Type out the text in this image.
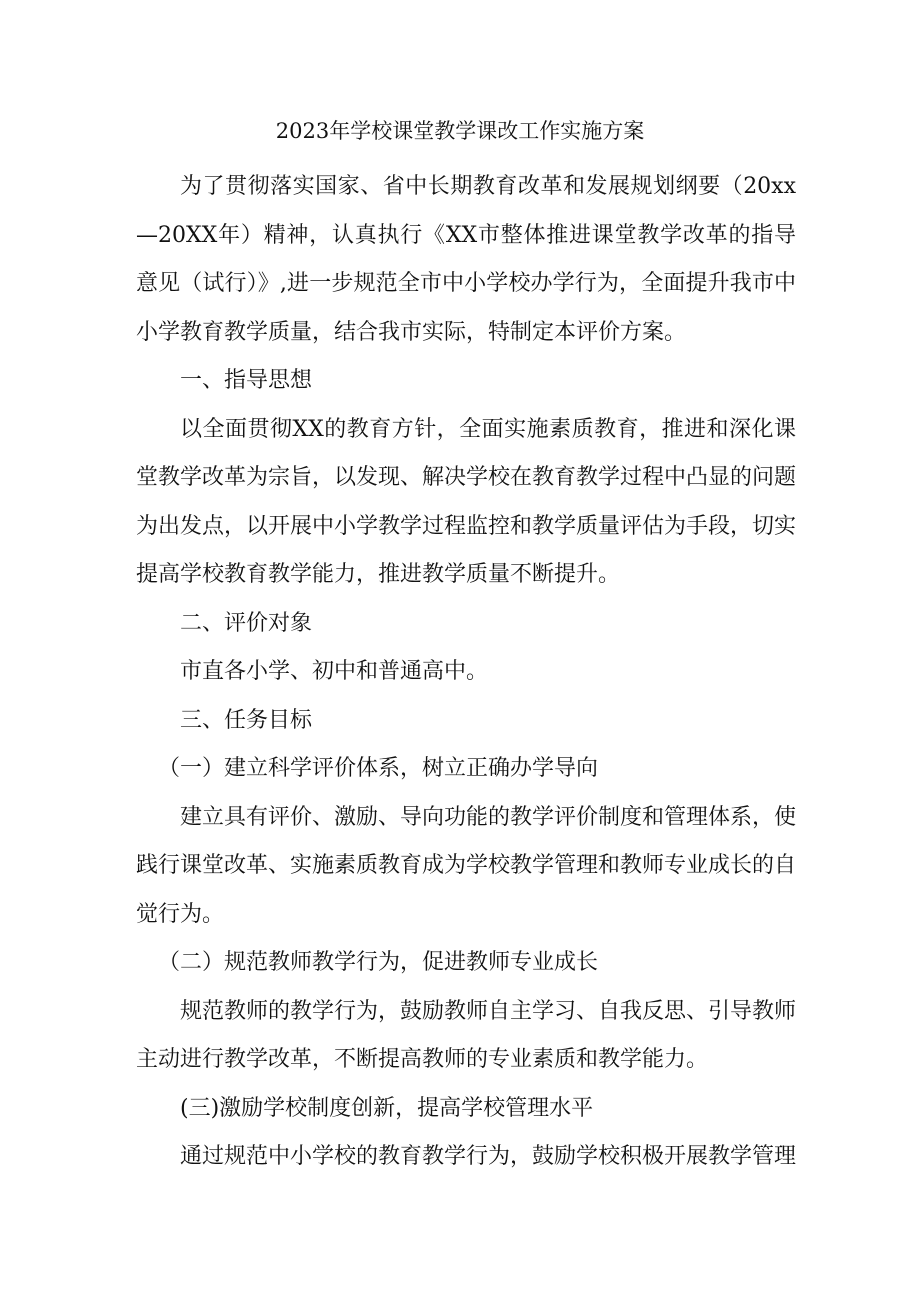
2023年学校课堂教学课改工作实施方案

为了贯彻落实国家、省中长期教育改革和发展规划纲要（20xx—20XX年）精神，认真执行《XX市整体推进课堂教学改革的指导意见（试行）》,进一步规范全市中小学校办学行为，全面提升我市中小学教育教学质量，结合我市实际，特制定本评价方案。

一、指导思想

以全面贯彻XX的教育方针，全面实施素质教育，推进和深化课堂教学改革为宗旨，以发现、解决学校在教育教学过程中凸显的问题为出发点，以开展中小学教学过程监控和教学质量评估为手段，切实提高学校教育教学能力，推进教学质量不断提升。

二、评价对象

市直各小学、初中和普通高中。

三、任务目标

（一）建立科学评价体系，树立正确办学导向

建立具有评价、激励、导向功能的教学评价制度和管理体系，使践行课堂改革、实施素质教育成为学校教学管理和教师专业成长的自觉行为。

（二）规范教师教学行为，促进教师专业成长

规范教师的教学行为，鼓励教师自主学习、自我反思、引导教师主动进行教学改革，不断提高教师的专业素质和教学能力。

(三)激励学校制度创新，提高学校管理水平

通过规范中小学校的教育教学行为，鼓励学校积极开展教学管理
